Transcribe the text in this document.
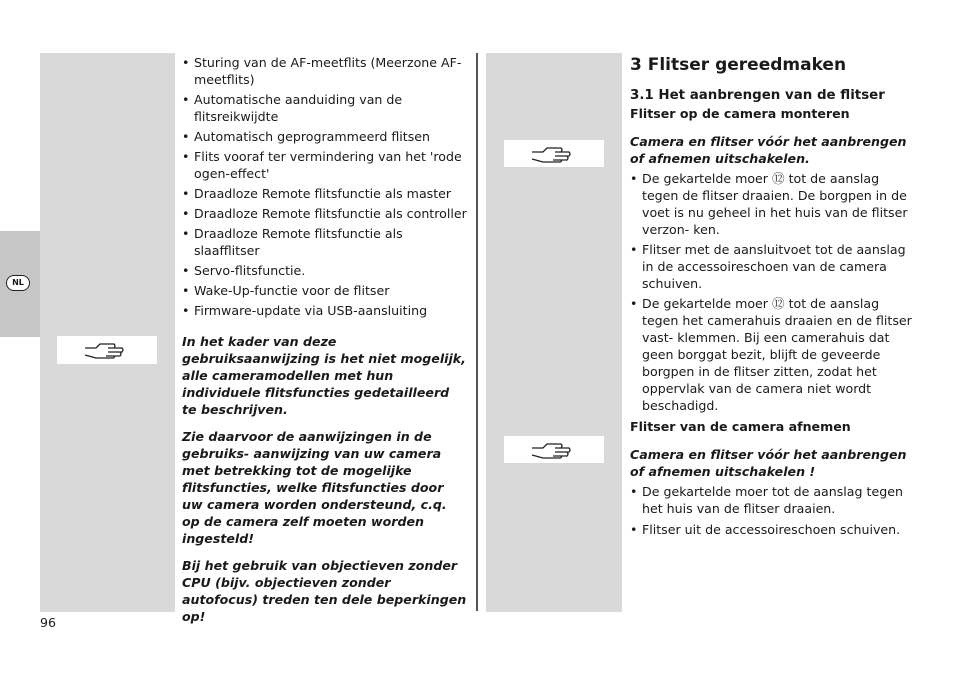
NL
• Sturing van de AF-meetflits (Meerzone AF-meetflits)
• Automatische aanduiding van de flitsreikwijdte
• Automatisch geprogrammeerd flitsen
• Flits vooraf ter vermindering van het 'rode ogen-effect'
• Draadloze Remote flitsfunctie als master
• Draadloze Remote flitsfunctie als controller
• Draadloze Remote flitsfunctie als slaafflitser
• Servo-flitsfunctie.
• Wake-Up-functie voor de flitser
• Firmware-update via USB-aansluiting

In het kader van deze gebruiksaanwijzing is het niet mogelijk, alle cameramodellen met hun individuele flitsfuncties gedetailleerd te beschrijven.

Zie daarvoor de aanwijzingen in de gebruiks- aanwijzing van uw camera met betrekking tot de mogelijke flitsfuncties, welke flitsfuncties door uw camera worden ondersteund, c.q. op de camera zelf moeten worden ingesteld!

Bij het gebruik van objectieven zonder CPU (bijv. objectieven zonder autofocus) treden ten dele beperkingen op!

3 Flitser gereedmaken
3.1 Het aanbrengen van de flitser
Flitser op de camera monteren

Camera en flitser vóór het aanbrengen of afnemen uitschakelen.

• De gekartelde moer ⑫ tot de aanslag tegen de flitser draaien. De borgpen in de voet is nu geheel in het huis van de flitser verzon- ken.
• Flitser met de aansluitvoet tot de aanslag in de accessoireschoen van de camera schuiven.
• De gekartelde moer ⑫ tot de aanslag tegen het camerahuis draaien en de flitser vast- klemmen. Bij een camerahuis dat geen borggat bezit, blijft de geveerde borgpen in de flitser zitten, zodat het oppervlak van de camera niet wordt beschadigd.
Flitser van de camera afnemen

Camera en flitser vóór het aanbrengen of afnemen uitschakelen !

• De gekartelde moer tot de aanslag tegen het huis van de flitser draaien.
• Flitser uit de accessoireschoen schuiven.
96
